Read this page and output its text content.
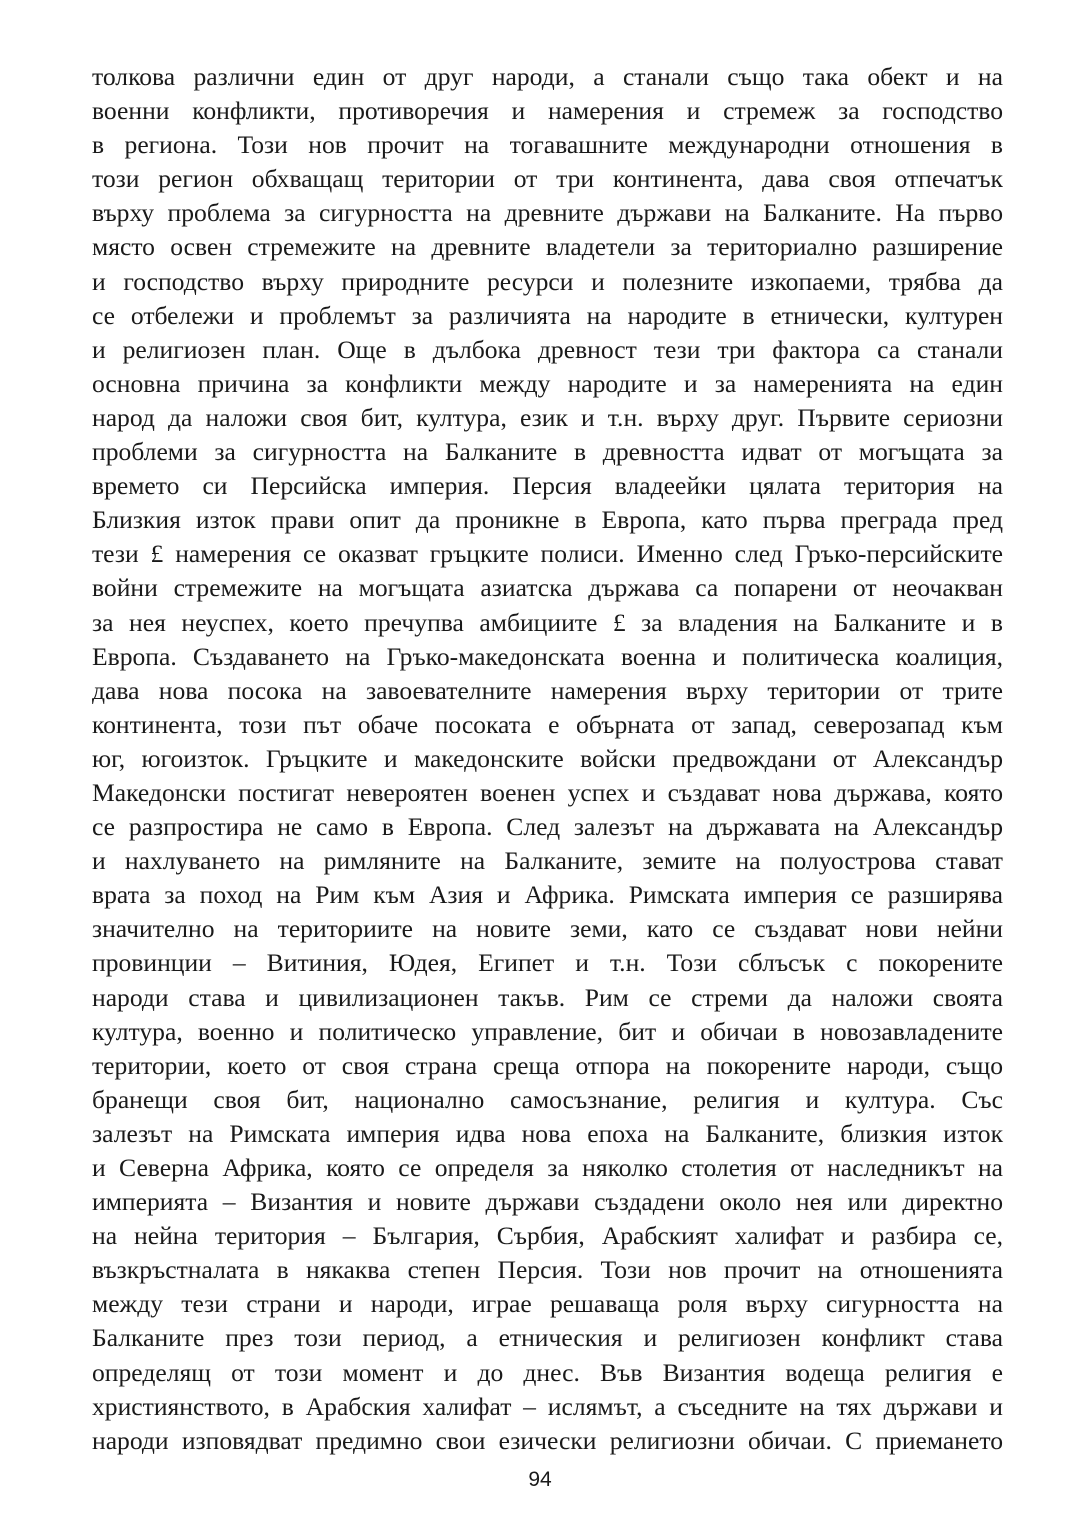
толкова различни един от друг народи, а станали също така обект и на
военни конфликти, противоречия и намерения и стремеж за господство
в региона. Този нов прочит на тогавашните международни отношения в
този регион обхващащ територии от три континента, дава своя отпечатък
върху проблема за сигурността на древните държави на Балканите. На първо
място освен стремежите на древните владетели за териториално разширение
и господство върху природните ресурси и полезните изкопаеми, трябва да
се отбележи и проблемът за различията на народите в етнически, културен
и религиозен план. Още в дълбока древност тези три фактора са станали
основна причина за конфликти между народите и за намеренията на един
народ да наложи своя бит, култура, език и т.н. върху друг. Първите сериозни
проблеми за сигурността на Балканите в древността идват от могъщата за
времето си Персийска империя. Персия владеейки цялата територия на
Близкия изток прави опит да проникне в Европа, като първа преграда пред
тези £ намерения се оказват гръцките полиси. Именно след Гръко-персийските
войни стремежите на могъщата азиатска държава са попарени от неочакван
за нея неуспех, което пречупва амбициите £ за владения на Балканите и в
Европа. Създаването на Гръко-македонската военна и политическа коалиция,
дава нова посока на завоевателните намерения върху територии от трите
континента, този път обаче посоката е обърната от запад, северозапад към
юг, югоизток. Гръцките и македонските войски предвождани от Александър
Македонски постигат невероятен военен успех и създават нова държава, която
се разпростира не само в Европа. След залезът на държавата на Александър
и нахлуването на римляните на Балканите, земите на полуострова стават
врата за поход на Рим към Азия и Африка. Римската империя се разширява
значително на териториите на новите земи, като се създават нови нейни
провинции – Витиния, Юдея, Египет и т.н. Този сблъсък с покорените
народи става и цивилизационен такъв. Рим се стреми да наложи своята
култура, военно и политическо управление, бит и обичаи в новозавладените
територии, което от своя страна среща отпора на покорените народи, също
бранещи своя бит, национално самосъзнание, религия и култура. Със
залезът на Римската империя идва нова епоха на Балканите, близкия изток
и Северна Африка, която се определя за няколко столетия от наследникът на
империята – Византия и новите държави създадени около нея или директно
на нейна територия – България, Сърбия, Арабският халифат и разбира се,
възкръстналата в някаква степен Персия. Този нов прочит на отношенията
между тези страни и народи, играе решаваща роля върху сигурността на
Балканите през този период, а етническия и религиозен конфликт става
определящ от този момент и до днес. Във Византия водеща религия е
християнството, в Арабския халифат – ислямът, а съседните на тях държави и
народи изповядват предимно свои езически религиозни обичаи. С приемането
94
